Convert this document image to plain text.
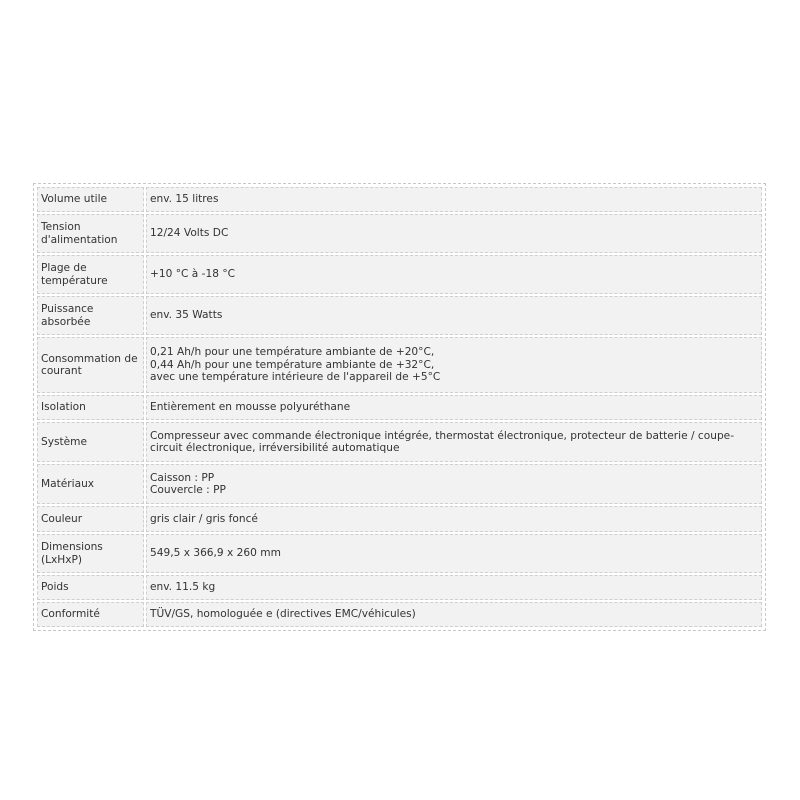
Volume utile	env. 15 litres

Tension
d'alimentation	12/24 Volts DC

Plage de
température	+10 °C à -18 °C

Puissance
absorbée	env. 35 Watts

Consommation de
courant	0,21 Ah/h pour une température ambiante de +20°C,
0,44 Ah/h pour une température ambiante de +32°C,
avec une température intérieure de l'appareil de +5°C

Isolation	Entièrement en mousse polyuréthane

Système	Compresseur avec commande électronique intégrée, thermostat électronique, protecteur de batterie / coupe-
circuit électronique, irréversibilité automatique

Matériaux	Caisson : PP
Couvercle : PP

Couleur	gris clair / gris foncé

Dimensions
(LxHxP)	549,5 x 366,9 x 260 mm

Poids	env. 11.5 kg

Conformité	TÜV/GS, homologuée e (directives EMC/véhicules)
